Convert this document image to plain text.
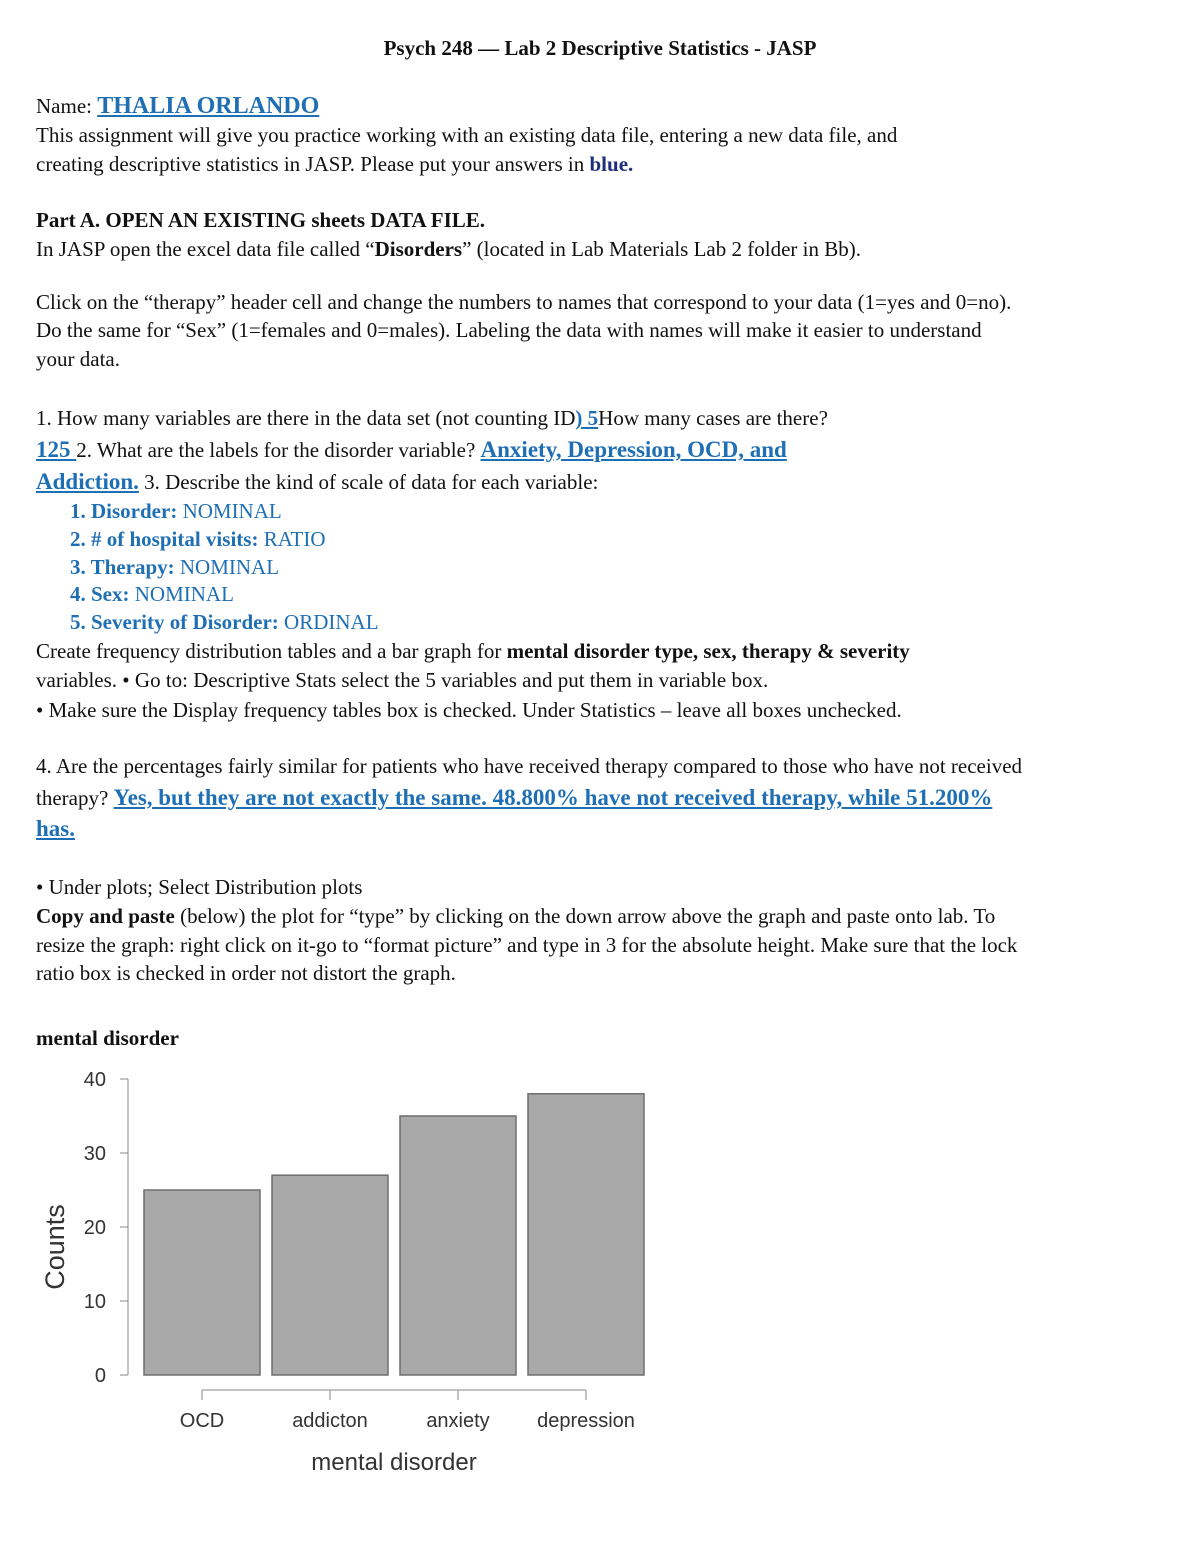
Psych 248 — Lab 2 Descriptive Statistics - JASP
Name: THALIA ORLANDO
This assignment will give you practice working with an existing data file, entering a new data file, and
creating descriptive statistics in JASP. Please put your answers in blue.
Part A. OPEN AN EXISTING sheets DATA FILE.
In JASP open the excel data file called “Disorders” (located in Lab Materials Lab 2 folder in Bb).
Click on the “therapy” header cell and change the numbers to names that correspond to your data (1=yes and 0=no).
Do the same for “Sex” (1=females and 0=males). Labeling the data with names will make it easier to understand
your data.
1. How many variables are there in the data set (not counting ID) 5How many cases are there?
125 2. What are the labels for the disorder variable? Anxiety, Depression, OCD, and
Addiction. 3. Describe the kind of scale of data for each variable:
1. Disorder: NOMINAL
2. # of hospital visits: RATIO
3. Therapy: NOMINAL
4. Sex: NOMINAL
5. Severity of Disorder: ORDINAL
Create frequency distribution tables and a bar graph for mental disorder type, sex, therapy & severity
variables. • Go to: Descriptive Stats select the 5 variables and put them in variable box.
• Make sure the Display frequency tables box is checked. Under Statistics – leave all boxes unchecked.
4. Are the percentages fairly similar for patients who have received therapy compared to those who have not received
therapy? Yes, but they are not exactly the same. 48.800% have not received therapy, while 51.200%
has.
• Under plots; Select Distribution plots
Copy and paste (below) the plot for “type” by clicking on the down arrow above the graph and paste onto lab. To
resize the graph: right click on it-go to “format picture” and type in 3 for the absolute height. Make sure that the lock
ratio box is checked in order not distort the graph.
mental disorder
0
10
20
30
40
OCD	addicton	anxiety depression
mental disorder
Counts
